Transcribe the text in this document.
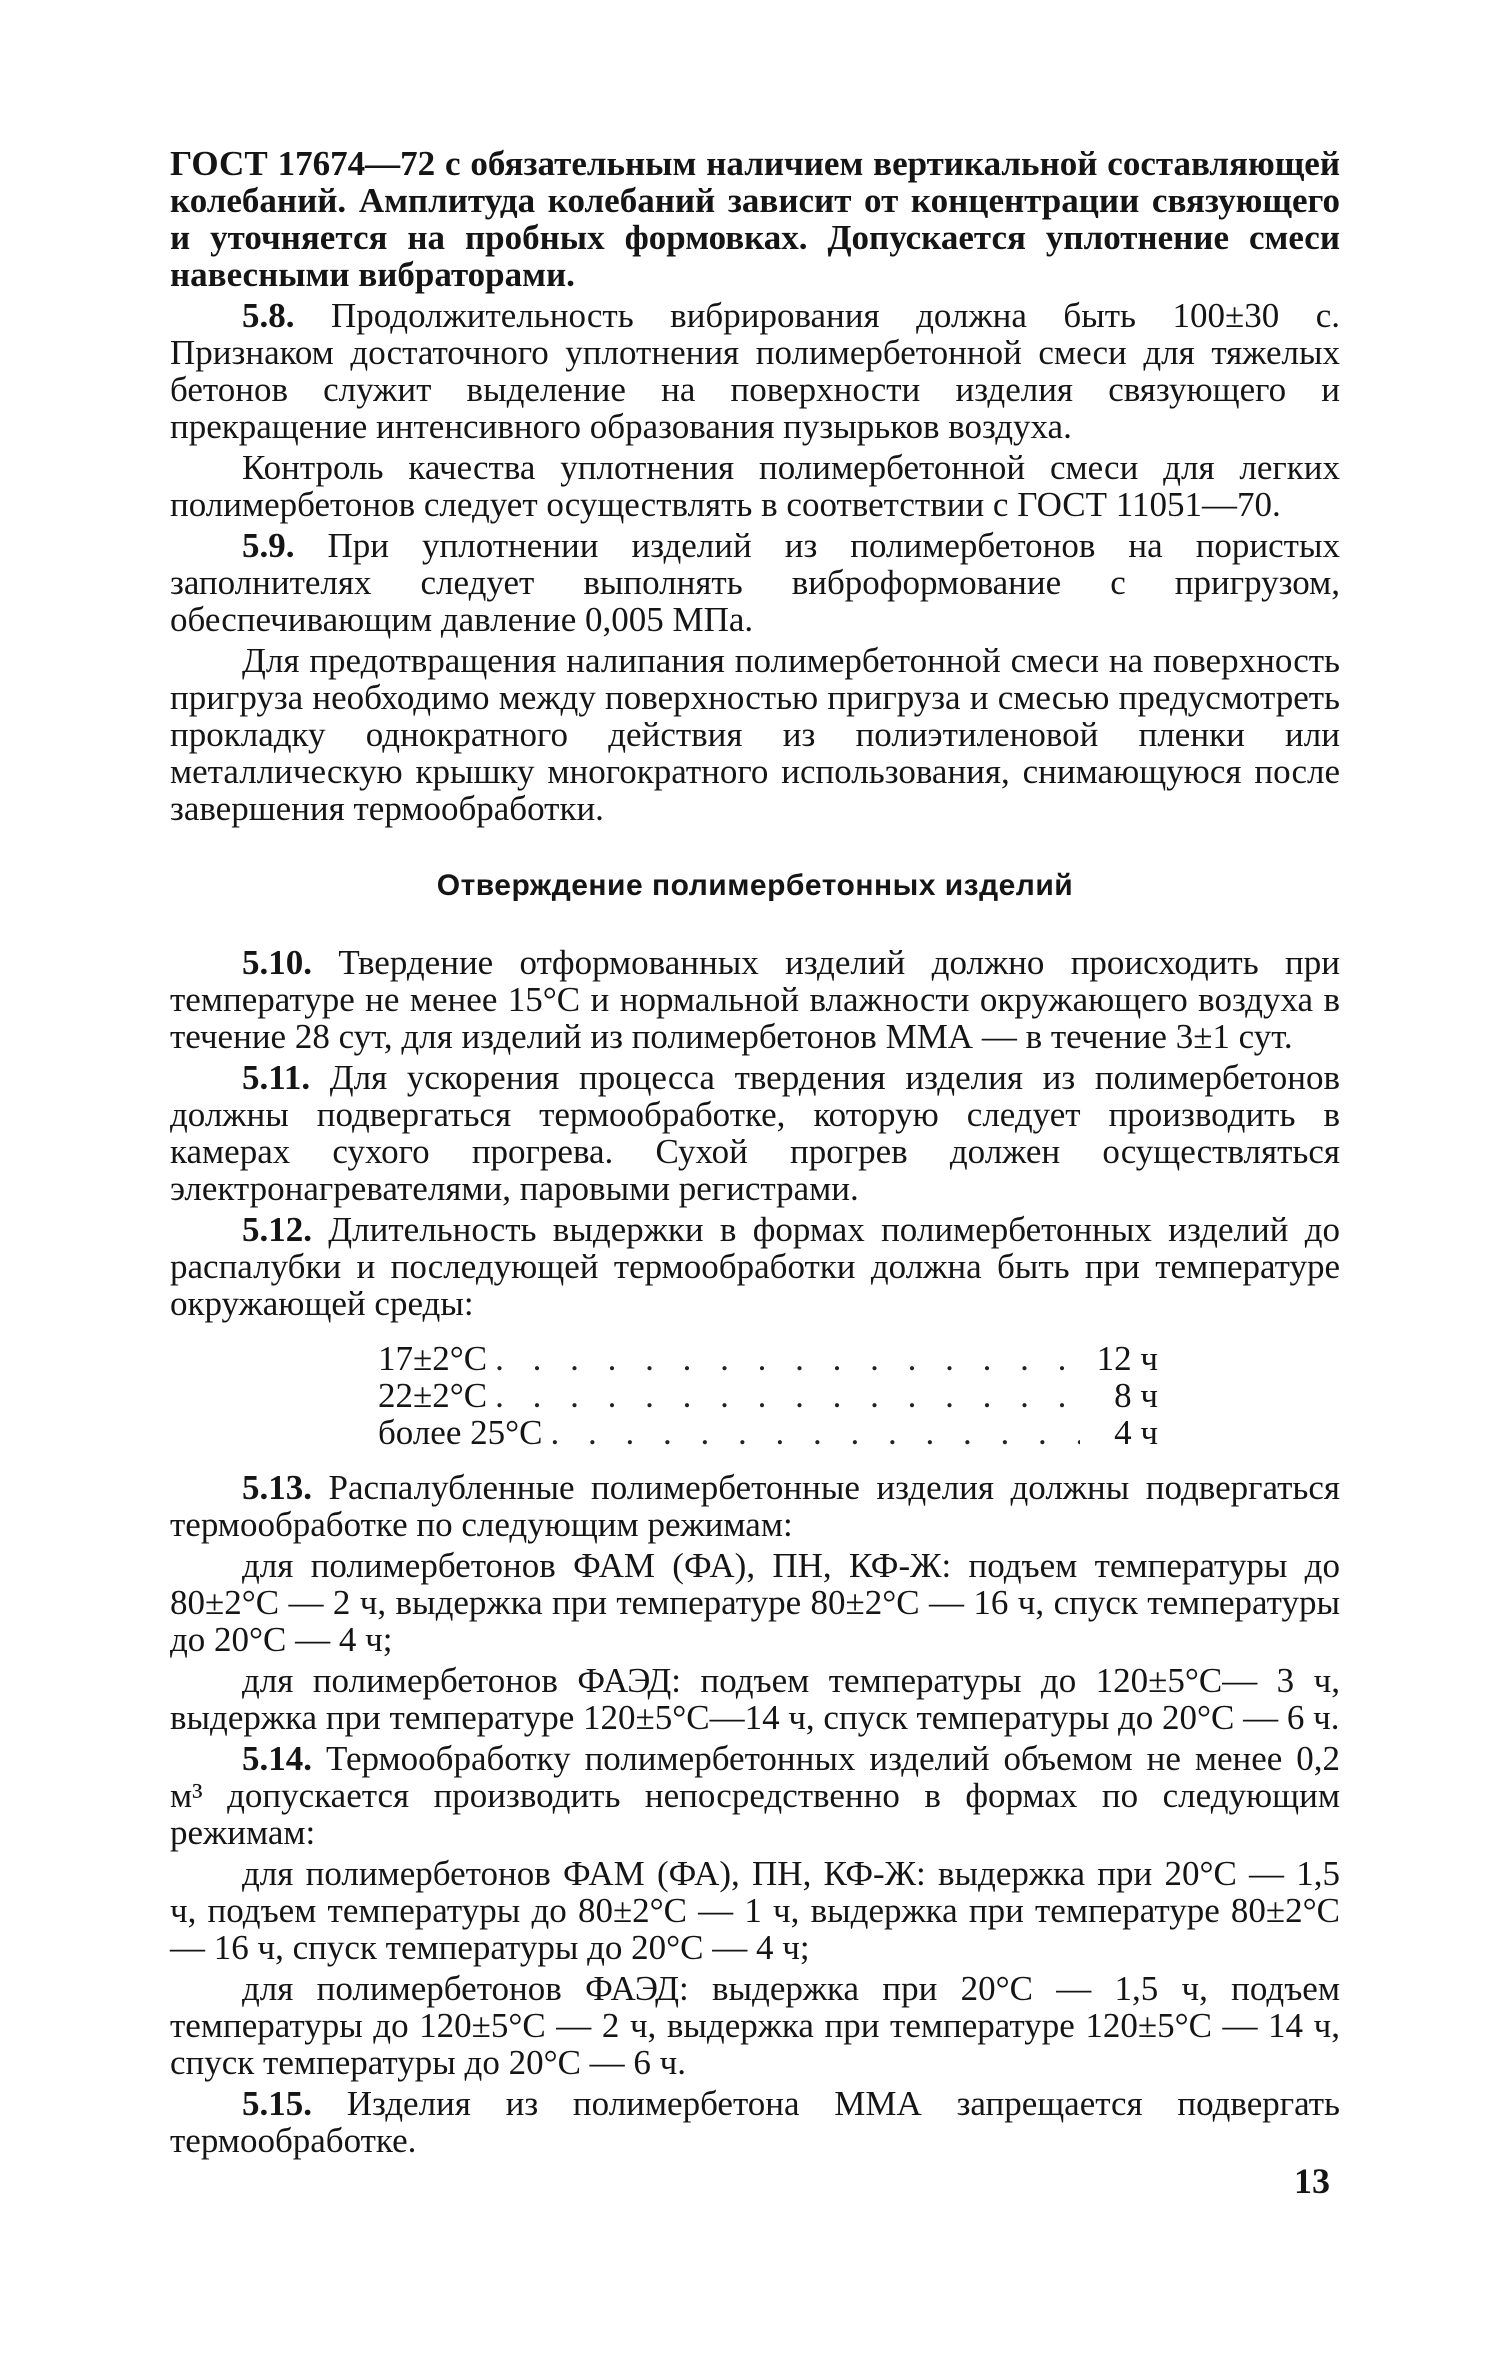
ГОСТ 17674—72 с обязательным наличием вертикальной составляющей колебаний. Амплитуда колебаний зависит от концентрации связующего и уточняется на пробных формовках. Допускается уплотнение смеси навесными вибраторами.

5.8. Продолжительность вибрирования должна быть 100±30 с. Признаком достаточного уплотнения полимербетонной смеси для тяжелых бетонов служит выделение на поверхности изделия связующего и прекращение интенсивного образования пузырьков воздуха.

Контроль качества уплотнения полимербетонной смеси для легких полимербетонов следует осуществлять в соответствии с ГОСТ 11051—70.

5.9. При уплотнении изделий из полимербетонов на пористых заполнителях следует выполнять виброформование с пригрузом, обеспечивающим давление 0,005 МПа.

Для предотвращения налипания полимербетонной смеси на поверхность пригруза необходимо между поверхностью пригруза и смесью предусмотреть прокладку однократного действия из полиэтиленовой пленки или металлическую крышку многократного использования, снимающуюся после завершения термообработки.

Отверждение полимербетонных изделий

5.10. Твердение отформованных изделий должно происходить при температуре не менее 15°С и нормальной влажности окружающего воздуха в течение 28 сут, для изделий из полимербетонов ММА — в течение 3±1 сут.

5.11. Для ускорения процесса твердения изделия из полимербетонов должны подвергаться термообработке, которую следует производить в камерах сухого прогрева. Сухой прогрев должен осуществляться электронагревателями, паровыми регистрами.

5.12. Длительность выдержки в формах полимербетонных изделий до распалубки и последующей термообработки должна быть при температуре окружающей среды:

17±2°С . . .	12 ч
22±2°С . . .	8 ч
более 25°С . . .	4 ч

5.13. Распалубленные полимербетонные изделия должны подвергаться термообработке по следующим режимам:

для полимербетонов ФАМ (ФА), ПН, КФ-Ж: подъем температуры до 80±2°С — 2 ч, выдержка при температуре 80±2°С — 16 ч, спуск температуры до 20°С — 4 ч;

для полимербетонов ФАЭД: подъем температуры до 120±5°С— 3 ч, выдержка при температуре 120±5°С—14 ч, спуск температуры до 20°С — 6 ч.

5.14. Термообработку полимербетонных изделий объемом не менее 0,2 м³ допускается производить непосредственно в формах по следующим режимам:

для полимербетонов ФАМ (ФА), ПН, КФ-Ж: выдержка при 20°С — 1,5 ч, подъем температуры до 80±2°С — 1 ч, выдержка при температуре 80±2°С — 16 ч, спуск температуры до 20°С — 4 ч;

для полимербетонов ФАЭД: выдержка при 20°С — 1,5 ч, подъем температуры до 120±5°С — 2 ч, выдержка при температуре 120±5°С — 14 ч, спуск температуры до 20°С — 6 ч.

5.15. Изделия из полимербетона ММА запрещается подвергать термообработке.

13
